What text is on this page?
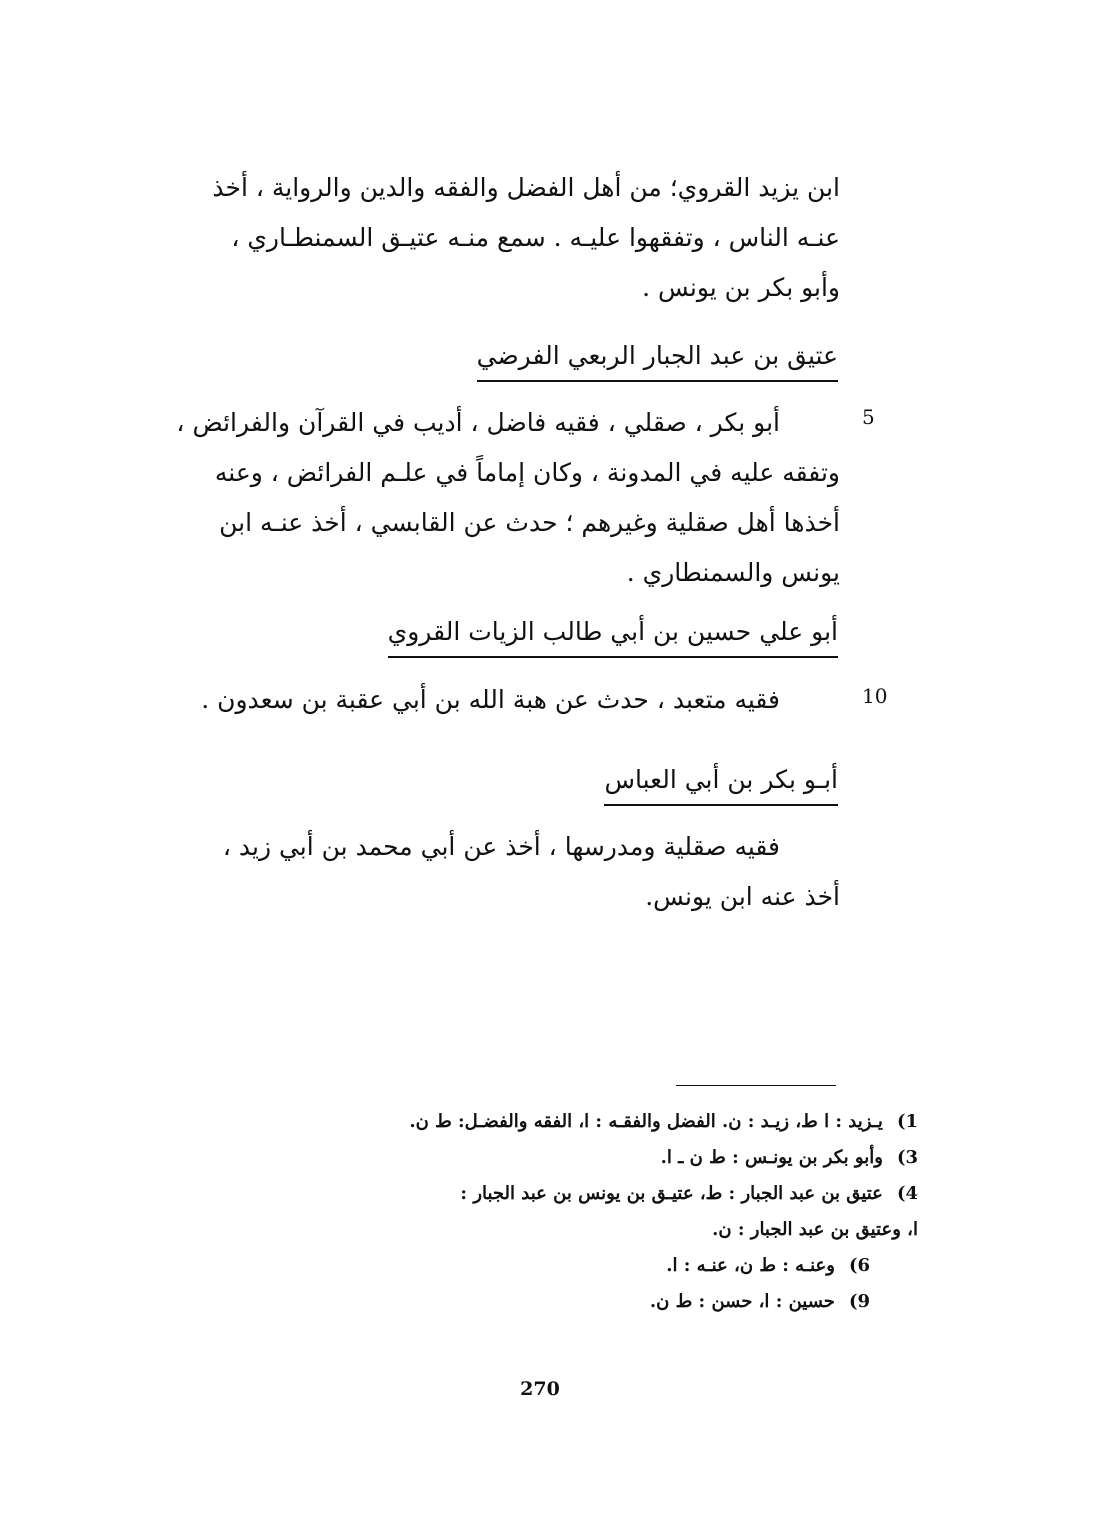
ابن يزيد القروي؛ من أهل الفضل والفقه والدين والرواية ، أخذ
عنـه الناس ، وتفقهوا عليـه . سمع منـه عتيـق السمنطـاري ،
وأبو بكر بن يونس .
عتيق بن عبد الجبار الربعي الفرضي
5
أبو بكر ، صقلي ، فقيه فاضل ، أديب في القرآن والفرائض ،
وتفقه عليه في المدونة ، وكان إماماً في علـم الفرائض ، وعنه
أخذها أهل صقلية وغيرهم ؛ حدث عن القابسي ، أخذ عنـه ابن
يونس والسمنطاري .
أبو علي حسين بن أبي طالب الزيات القروي
10
فقيه متعبد ، حدث عن هبة الله بن أبي عقبة بن سعدون .
أبـو بكر بن أبي العباس
فقيه صقلية ومدرسها ، أخذ عن أبي محمد بن أبي زيد ،
أخذ عنه ابن يونس.
1)يـزيد : ا ط، زيـد : ن. الفضل والفقـه : ا، الفقه والفضـل: ط ن.
3)وأبو بكر بن يونـس : ط ن ـ ا.
4)عتيق بن عبد الجبار : ط، عتيـق بن يونس بن عبد الجبار :
ا، وعتيق بن عبد الجبار : ن.
6)وعنـه : ط ن، عنـه : ا.
9)حسين : ا، حسن : ط ن.
270
